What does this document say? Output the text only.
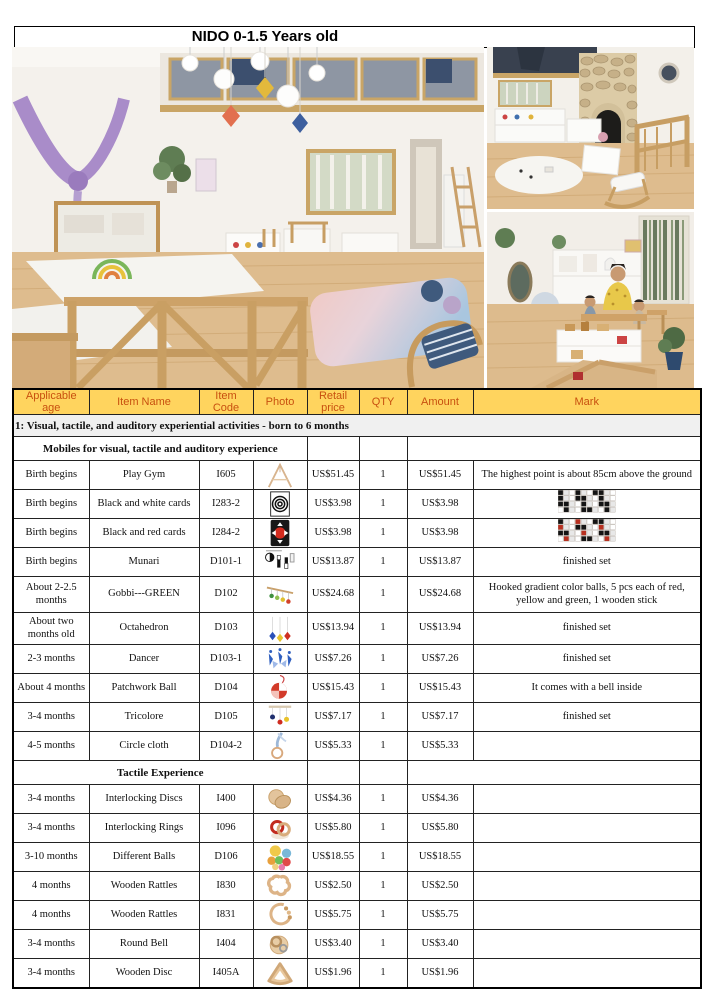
NIDO 0-1.5 Years old
Applicable age	Item Name	Item Code	Photo	Retail price	QTY	Amount	Mark
1: Visual, tactile, and auditory experiential activities - born to 6 months							
Mobiles for visual, tactile and auditory experience							
Birth begins	Play Gym	I605		US$51.45	1	US$51.45	The highest point is about 85cm above the ground
Birth begins	Black and white cards	I283-2		US$3.98	1	US$3.98	
Birth begins	Black and red cards	I284-2		US$3.98	1	US$3.98	
Birth begins	Munari	D101-1		US$13.87	1	US$13.87	finished set
About 2-2.5 months	Gobbi---GREEN	D102		US$24.68	1	US$24.68	Hooked gradient color balls, 5 pcs each of red, yellow and green, 1 wooden stick
About two months old	Octahedron	D103		US$13.94	1	US$13.94	finished set
2-3 months	Dancer	D103-1		US$7.26	1	US$7.26	finished set
About 4 months	Patchwork Ball	D104		US$15.43	1	US$15.43	It comes with a bell inside
3-4 months	Tricolore	D105		US$7.17	1	US$7.17	finished set
4-5 months	Circle cloth	D104-2		US$5.33	1	US$5.33	
Tactile Experience							
3-4 months	Interlocking Discs	I400		US$4.36	1	US$4.36	
3-4 months	Interlocking Rings	I096		US$5.80	1	US$5.80	
3-10 months	Different Balls	D106		US$18.55	1	US$18.55	
4 months	Wooden Rattles	I830		US$2.50	1	US$2.50	
4 months	Wooden Rattles	I831		US$5.75	1	US$5.75	
3-4 months	Round Bell	I404		US$3.40	1	US$3.40	
3-4 months	Wooden Disc	I405A		US$1.96	1	US$1.96	
